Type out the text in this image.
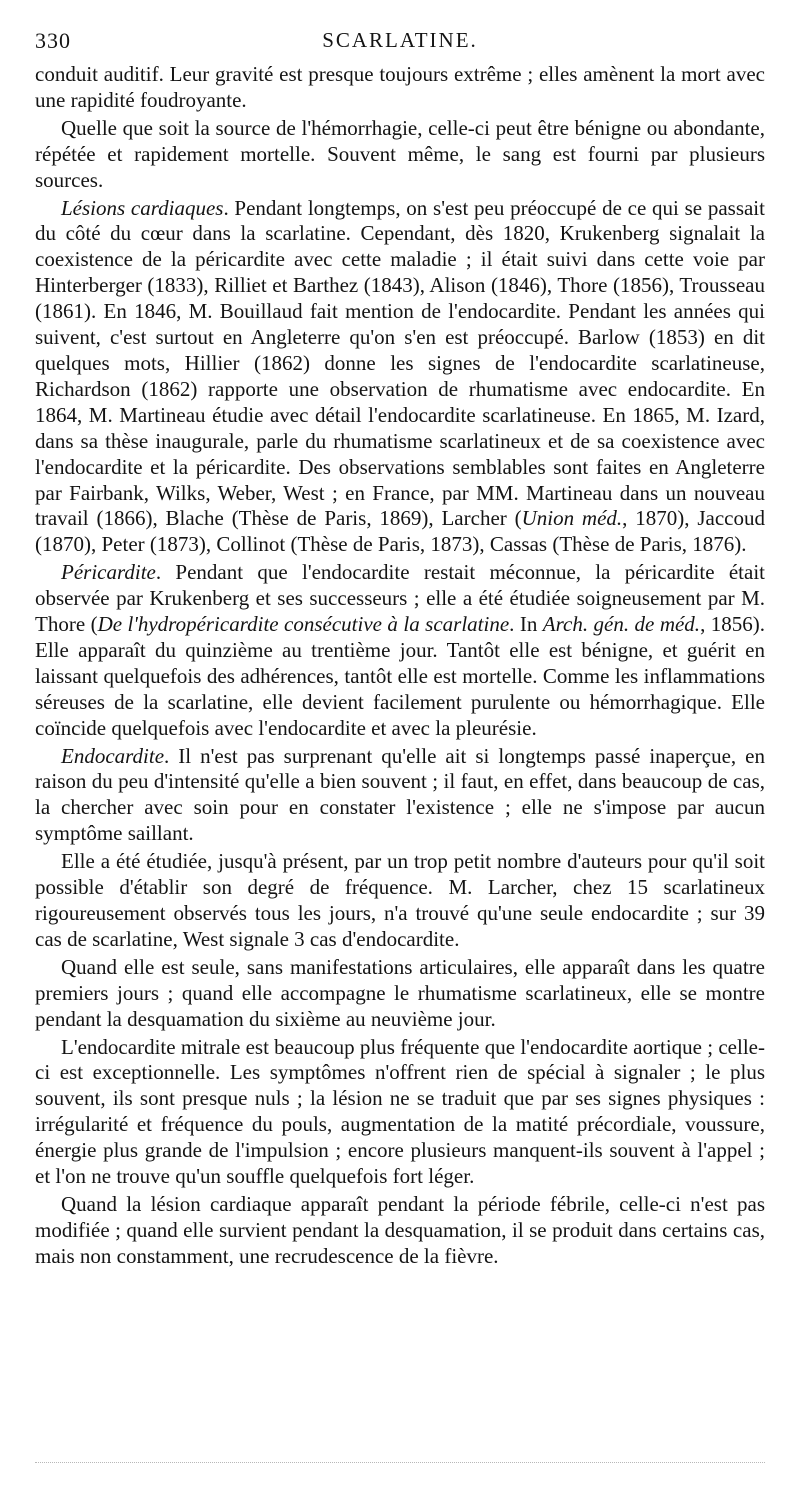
330	SCARLATINE.

conduit auditif. Leur gravité est presque toujours extrême ; elles amènent la mort avec une rapidité foudroyante.

Quelle que soit la source de l'hémorrhagie, celle-ci peut être bénigne ou abondante, répétée et rapidement mortelle. Souvent même, le sang est fourni par plusieurs sources.

Lésions cardiaques. Pendant longtemps, on s'est peu préoccupé de ce qui se passait du côté du cœur dans la scarlatine. Cependant, dès 1820, Krukenberg signalait la coexistence de la péricardite avec cette maladie ; il était suivi dans cette voie par Hinterberger (1833), Rilliet et Barthez (1843), Alison (1846), Thore (1856), Trousseau (1861). En 1846, M. Bouillaud fait mention de l'endocardite. Pendant les années qui suivent, c'est surtout en Angleterre qu'on s'en est préoccupé. Barlow (1853) en dit quelques mots, Hillier (1862) donne les signes de l'endocardite scarlatineuse, Richardson (1862) rapporte une observation de rhumatisme avec endocardite. En 1864, M. Martineau étudie avec détail l'endocardite scarlatineuse. En 1865, M. Izard, dans sa thèse inaugurale, parle du rhumatisme scarlatineux et de sa coexistence avec l'endocardite et la péricardite. Des observations semblables sont faites en Angleterre par Fairbank, Wilks, Weber, West ; en France, par MM. Martineau dans un nouveau travail (1866), Blache (Thèse de Paris, 1869), Larcher (Union méd., 1870), Jaccoud (1870), Peter (1873), Collinot (Thèse de Paris, 1873), Cassas (Thèse de Paris, 1876).

Péricardite. Pendant que l'endocardite restait méconnue, la péricardite était observée par Krukenberg et ses successeurs ; elle a été étudiée soigneusement par M. Thore (De l'hydropéricardite consécutive à la scarlatine. In Arch. gén. de méd., 1856). Elle apparaît du quinzième au trentième jour. Tantôt elle est bénigne, et guérit en laissant quelquefois des adhérences, tantôt elle est mortelle. Comme les inflammations séreuses de la scarlatine, elle devient facilement purulente ou hémorrhagique. Elle coïncide quelquefois avec l'endocardite et avec la pleurésie.

Endocardite. Il n'est pas surprenant qu'elle ait si longtemps passé inaperçue, en raison du peu d'intensité qu'elle a bien souvent ; il faut, en effet, dans beaucoup de cas, la chercher avec soin pour en constater l'existence ; elle ne s'impose par aucun symptôme saillant.

Elle a été étudiée, jusqu'à présent, par un trop petit nombre d'auteurs pour qu'il soit possible d'établir son degré de fréquence. M. Larcher, chez 15 scarlatineux rigoureusement observés tous les jours, n'a trouvé qu'une seule endocardite ; sur 39 cas de scarlatine, West signale 3 cas d'endocardite.

Quand elle est seule, sans manifestations articulaires, elle apparaît dans les quatre premiers jours ; quand elle accompagne le rhumatisme scarlatineux, elle se montre pendant la desquamation du sixième au neuvième jour.

L'endocardite mitrale est beaucoup plus fréquente que l'endocardite aortique ; celle-ci est exceptionnelle. Les symptômes n'offrent rien de spécial à signaler ; le plus souvent, ils sont presque nuls ; la lésion ne se traduit que par ses signes physiques : irrégularité et fréquence du pouls, augmentation de la matité précordiale, voussure, énergie plus grande de l'impulsion ; encore plusieurs manquent-ils souvent à l'appel ; et l'on ne trouve qu'un souffle quelquefois fort léger.

Quand la lésion cardiaque apparaît pendant la période fébrile, celle-ci n'est pas modifiée ; quand elle survient pendant la desquamation, il se produit dans certains cas, mais non constamment, une recrudescence de la fièvre.
